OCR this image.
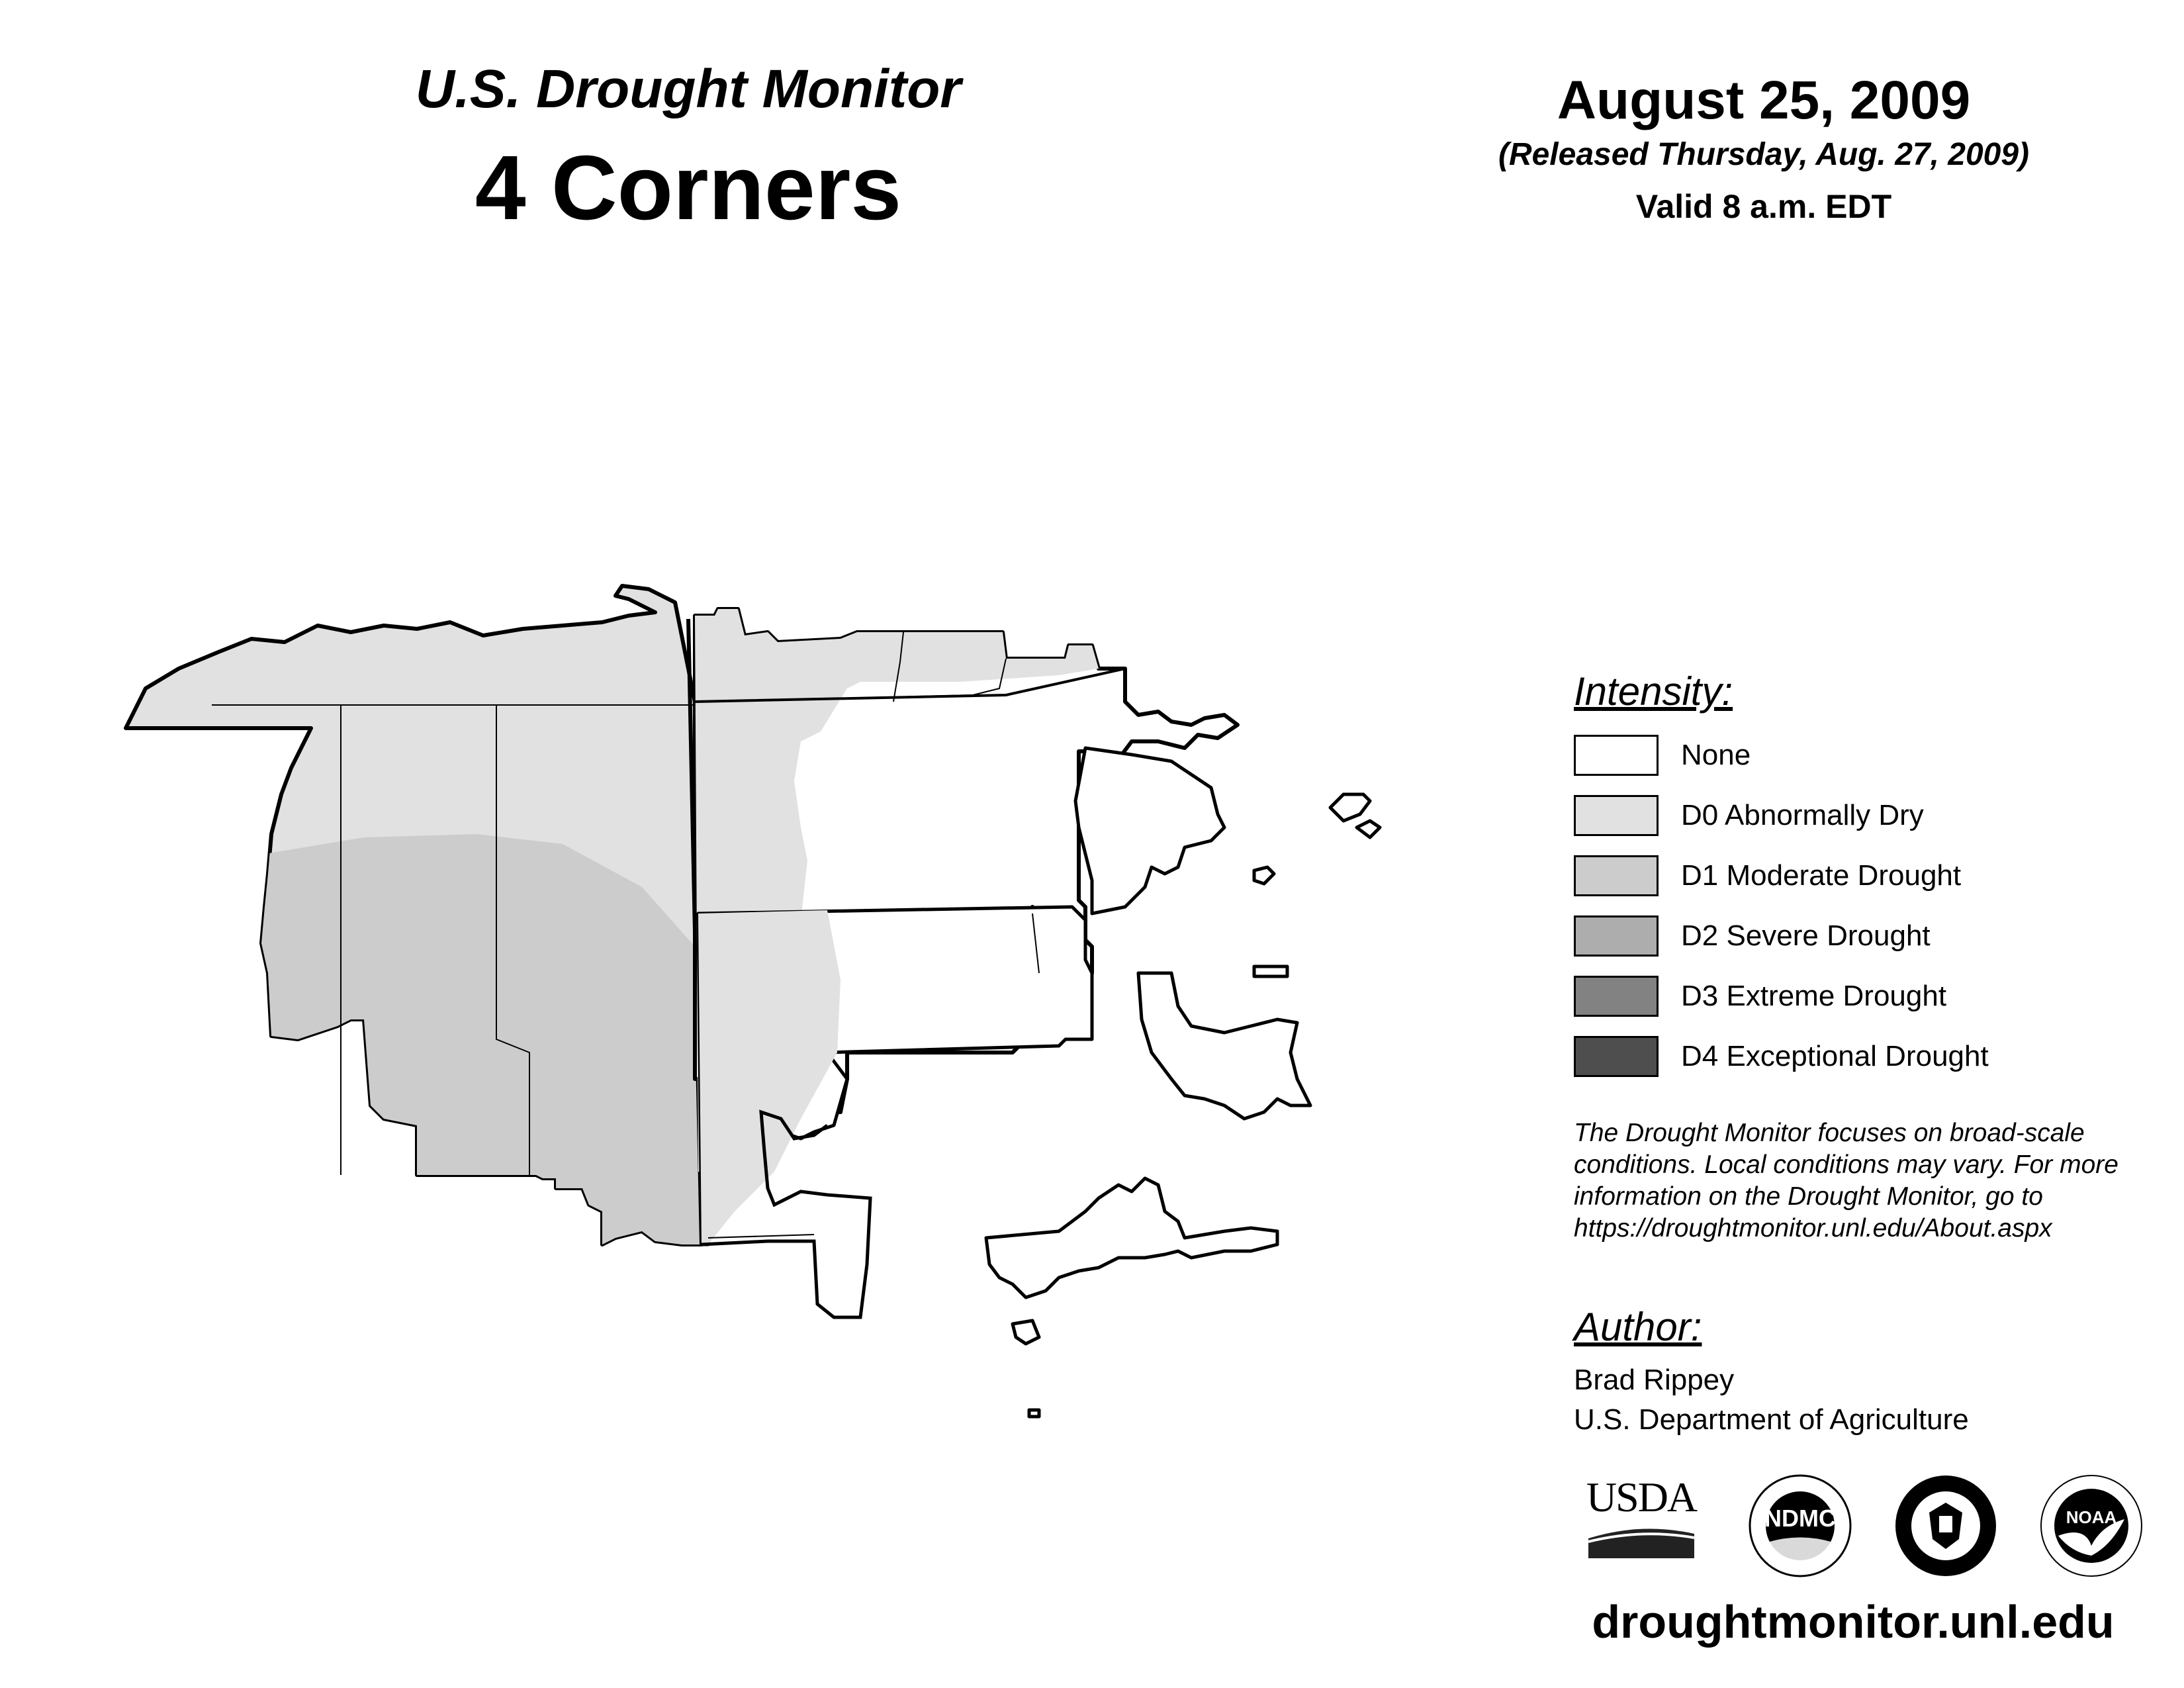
U.S. Drought Monitor
4 Corners
August 25, 2009
(Released Thursday, Aug. 27, 2009)
Valid 8 a.m. EDT
Intensity:
None
D0 Abnormally Dry
D1 Moderate Drought
D2 Severe Drought
D3 Extreme Drought
D4 Exceptional Drought
The Drought Monitor focuses on broad-scale conditions. Local conditions may vary. For more information on the Drought Monitor, go to https://droughtmonitor.unl.edu/About.aspx
Author:
Brad Rippey
U.S. Department of Agriculture
USDA	NDMC	NOAA
droughtmonitor.unl.edu
